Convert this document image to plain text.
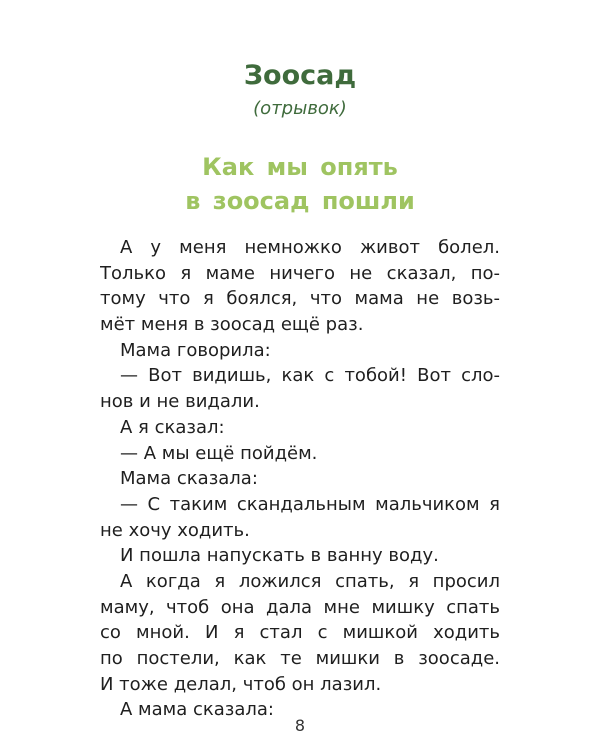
Зоосад
(отрывок)
Как мы опять
в зоосад пошли
А у меня немножко живот болел.
Только я маме ничего не сказал, по-
тому что я боялся, что мама не возь-
мёт меня в зоосад ещё раз.
Мама говорила:
— Вот видишь, как с тобой! Вот сло-
нов и не видали.
А я сказал:
— А мы ещё пойдём.
Мама сказала:
— С таким скандальным мальчиком я
не хочу ходить.
И пошла напускать в ванну воду.
А когда я ложился спать, я просил
маму, чтоб она дала мне мишку спать
со мной. И я стал с мишкой ходить
по постели, как те мишки в зоосаде.
И тоже делал, чтоб он лазил.
А мама сказала:
8
